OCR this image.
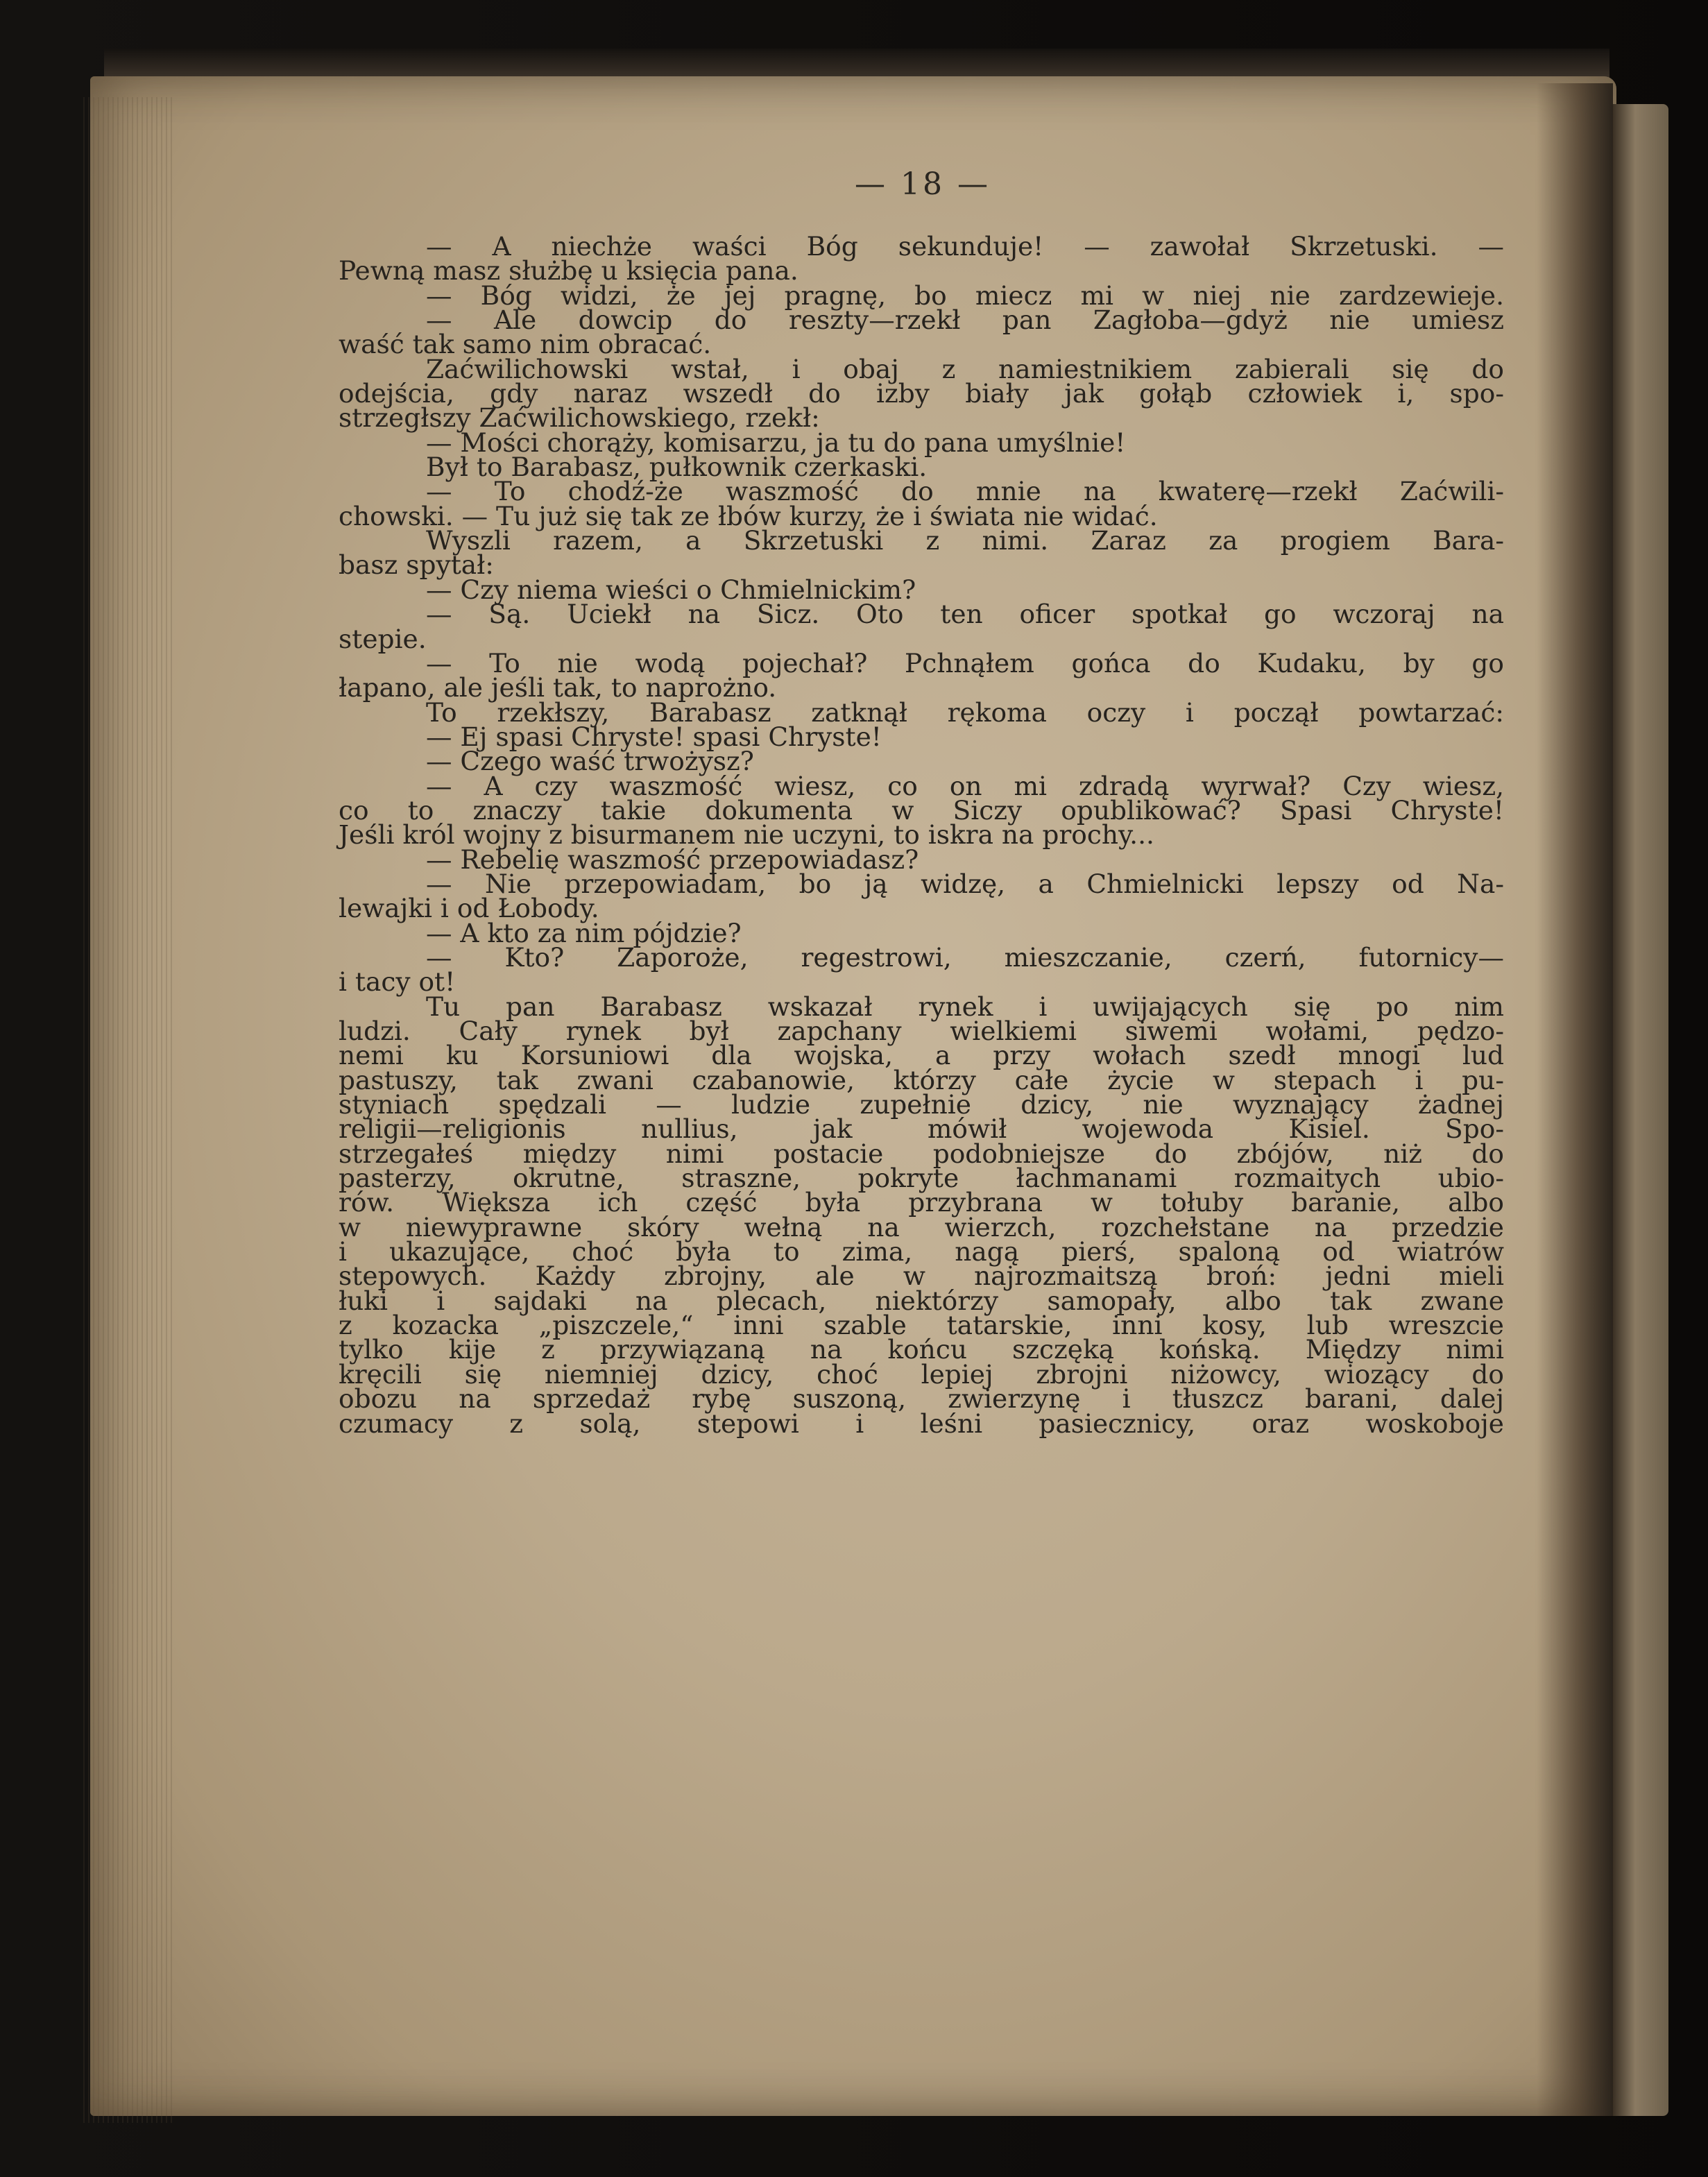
— 18 —
— A niechże waści Bóg sekunduje! — zawołał Skrzetuski. —
Pewną masz służbę u księcia pana.
— Bóg widzi, że jej pragnę, bo miecz mi w niej nie zardzewieje.
— Ale dowcip do reszty—rzekł pan Zagłoba—gdyż nie umiesz
waść tak samo nim obracać.
Zaćwilichowski wstał, i obaj z namiestnikiem zabierali się do
odejścia, gdy naraz wszedł do izby biały jak gołąb człowiek i, spo-
strzegłszy Zaćwilichowskiego, rzekł:
— Mości chorąży, komisarzu, ja tu do pana umyślnie!
Był to Barabasz, pułkownik czerkaski.
— To chodź-że waszmość do mnie na kwaterę—rzekł Zaćwili-
chowski. — Tu już się tak ze łbów kurzy, że i świata nie widać.
Wyszli razem, a Skrzetuski z nimi. Zaraz za progiem Bara-
basz spytał:
— Czy niema wieści o Chmielnickim?
— Są. Uciekł na Sicz. Oto ten oficer spotkał go wczoraj na
stepie.
— To nie wodą pojechał? Pchnąłem gońca do Kudaku, by go
łapano, ale jeśli tak, to naprożno.
To rzekłszy, Barabasz zatknął rękoma oczy i począł powtarzać:
— Ej spasi Chryste! spasi Chryste!
— Czego waść trwożysz?
— A czy waszmość wiesz, co on mi zdradą wyrwał? Czy wiesz,
co to znaczy takie dokumenta w Siczy opublikować? Spasi Chryste!
Jeśli król wojny z bisurmanem nie uczyni, to iskra na prochy...
— Rebelię waszmość przepowiadasz?
— Nie przepowiadam, bo ją widzę, a Chmielnicki lepszy od Na-
lewajki i od Łobody.
— A kto za nim pójdzie?
— Kto? Zaporoże, regestrowi, mieszczanie, czerń, futornicy—
i tacy ot!
Tu pan Barabasz wskazał rynek i uwijających się po nim
ludzi. Cały rynek był zapchany wielkiemi siwemi wołami, pędzo-
nemi ku Korsuniowi dla wojska, a przy wołach szedł mnogi lud
pastuszy, tak zwani czabanowie, którzy całe życie w stepach i pu-
styniach spędzali — ludzie zupełnie dzicy, nie wyznający żadnej
religii—religionis nullius, jak mówił wojewoda Kisiel. Spo-
strzegałeś między nimi postacie podobniejsze do zbójów, niż do
pasterzy, okrutne, straszne, pokryte łachmanami rozmaitych ubio-
rów. Większa ich część była przybrana w tołuby baranie, albo
w niewyprawne skóry wełną na wierzch, rozchełstane na przedzie
i ukazujące, choć była to zima, nagą pierś, spaloną od wiatrów
stepowych. Każdy zbrojny, ale w najrozmaitszą broń: jedni mieli
łuki i sajdaki na plecach, niektórzy samopały, albo tak zwane
z kozacka „piszczele,“ inni szable tatarskie, inni kosy, lub wreszcie
tylko kije z przywiązaną na końcu szczęką końską. Między nimi
kręcili się niemniej dzicy, choć lepiej zbrojni niżowcy, wiozący do
obozu na sprzedaż rybę suszoną, zwierzynę i tłuszcz barani, dalej
czumacy z solą, stepowi i leśni pasiecznicy, oraz woskoboje
